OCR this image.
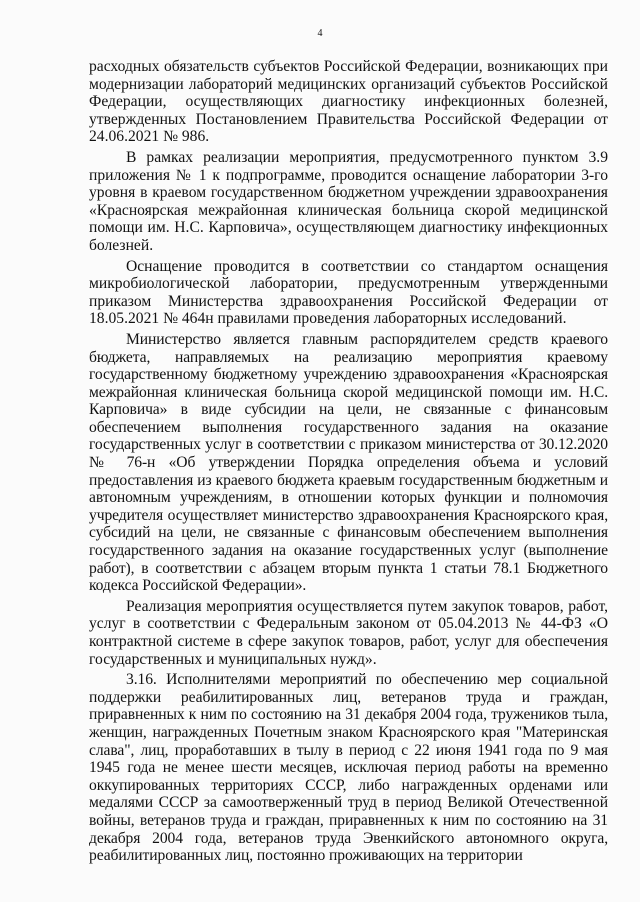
4

расходных обязательств субъектов Российской Федерации, возникающих при модернизации лабораторий медицинских организаций субъектов Российской Федерации, осуществляющих диагностику инфекционных болезней, утвержденных Постановлением Правительства Российской Федерации от 24.06.2021 № 986.

В рамках реализации мероприятия, предусмотренного пунктом 3.9 приложения № 1 к подпрограмме, проводится оснащение лаборатории 3-го уровня в краевом государственном бюджетном учреждении здравоохранения «Красноярская межрайонная клиническая больница скорой медицинской помощи им. Н.С. Карповича», осуществляющем диагностику инфекционных болезней.

Оснащение проводится в соответствии со стандартом оснащения микробиологической лаборатории, предусмотренным утвержденными приказом Министерства здравоохранения Российской Федерации от 18.05.2021 № 464н правилами проведения лабораторных исследований.

Министерство является главным распорядителем средств краевого бюджета, направляемых на реализацию мероприятия краевому государственному бюджетному учреждению здравоохранения «Красноярская межрайонная клиническая больница скорой медицинской помощи им. Н.С. Карповича» в виде субсидии на цели, не связанные с финансовым обеспечением выполнения государственного задания на оказание государственных услуг в соответствии с приказом министерства от 30.12.2020 № 76-н «Об утверждении Порядка определения объема и условий предоставления из краевого бюджета краевым государственным бюджетным и автономным учреждениям, в отношении которых функции и полномочия учредителя осуществляет министерство здравоохранения Красноярского края, субсидий на цели, не связанные с финансовым обеспечением выполнения государственного задания на оказание государственных услуг (выполнение работ), в соответствии с абзацем вторым пункта 1 статьи 78.1 Бюджетного кодекса Российской Федерации».

Реализация мероприятия осуществляется путем закупок товаров, работ, услуг в соответствии с Федеральным законом от 05.04.2013 № 44-ФЗ «О контрактной системе в сфере закупок товаров, работ, услуг для обеспечения государственных и муниципальных нужд».

3.16. Исполнителями мероприятий по обеспечению мер социальной поддержки реабилитированных лиц, ветеранов труда и граждан, приравненных к ним по состоянию на 31 декабря 2004 года, тружеников тыла, женщин, награжденных Почетным знаком Красноярского края "Материнская слава", лиц, проработавших в тылу в период с 22 июня 1941 года по 9 мая 1945 года не менее шести месяцев, исключая период работы на временно оккупированных территориях СССР, либо награжденных орденами или медалями СССР за самоотверженный труд в период Великой Отечественной войны, ветеранов труда и граждан, приравненных к ним по состоянию на 31 декабря 2004 года, ветеранов труда Эвенкийского автономного округа, реабилитированных лиц, постоянно проживающих на территории
